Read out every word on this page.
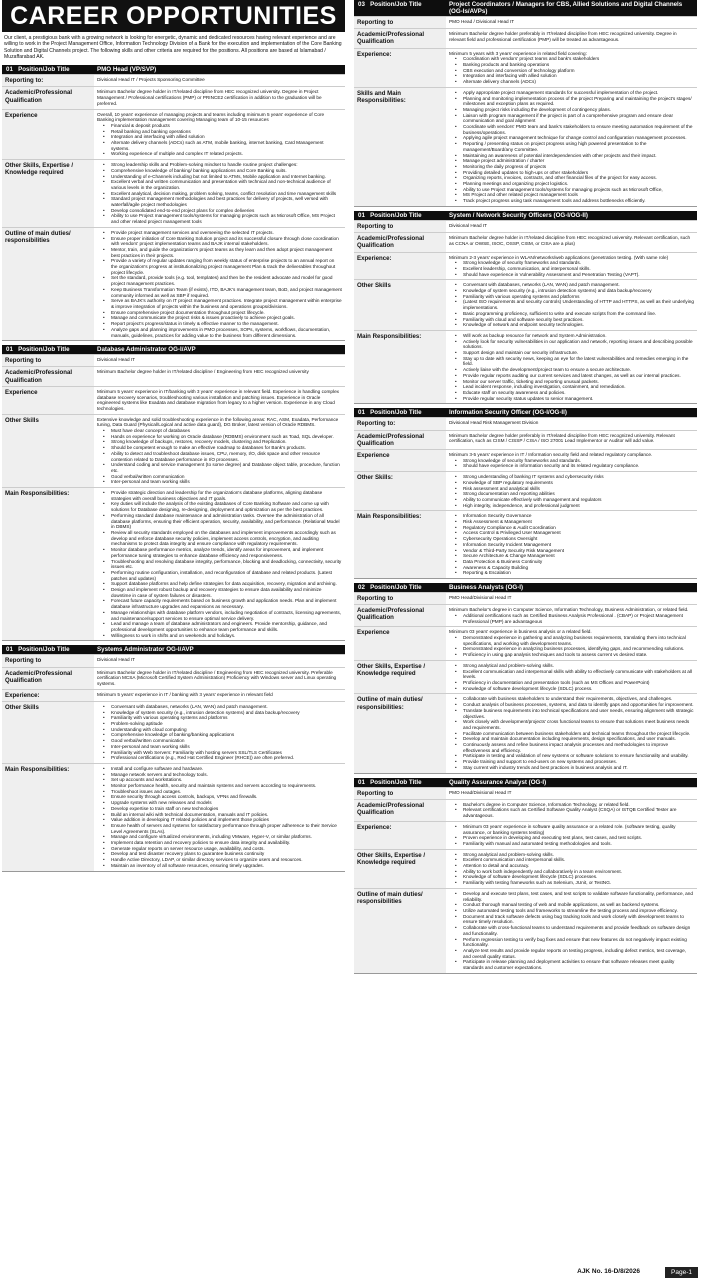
CAREER OPPORTUNITIES
Our client, a prestigious bank with a growing network is looking for energetic, dynamic and dedicated resources having relevant experience and are willing to work in the Project Management Office, Information Technology Division of a Bank for the execution and implementation of the Core Banking Solution and Digital Channels project. The following skills and other criteria are required for the positions. All positions are based at Islamabad / Muzaffarabad AK.
01 Position/Job Title	PMO Head (VP/SVP)
Reporting to:	Divisional Head IT / Projects Sponsoring Committee

Academic/Professional Qualification

Minimum Bachelor degree holder in IT/related discipline from HEC recognized university. Degree in Project Management / Professional certifications (PMP) or PRINCE2 certification in addition to the graduation will be preferred.

Experience	Overall, 10 years' experience of managing projects and teams including minimum 5 years' experience of Core Banking implementation management covering Managing team of 10-15 resources

• Financial & deposit products
• Retail banking and banking operations
• Integration and interfacing with allied solution
• Alternate delivery channels (ADCs) such as ATM, mobile banking, internet banking, Card Management systems.
• Working experience of multiple and complex IT related projects.
Other Skills, Expertise / Knowledge required
• Strong leadership skills and Problem-solving mindset to handle routine project challenges:
• Comprehensive knowledge of banking/ banking applications and Core Banking suits.
• Understanding of e-Channels including but not limited to ATMs, Mobile application and Internet banking.
• Excellent verbal and written communication and presentation with technical and non-technical audience of various levels in the organization.
• Excellent analytical, decision making, problem solving, teams, conflict resolution and time management skills
• Standard project management methodologies and best practices for delivery of projects, well versed with waterfall/agile project methodologies
• Develop consolidated end-to-end project plans for complex deliveries
• Ability to use Project management tools/systems for managing projects such as Microsoft Office, MS Project and other related project management tools
Outline of main duties/ responsibilities
• Provide project management services and overseeing the selected IT projects.
• Ensure proper initiation of Core Banking Solution project and its successful closure through close coordination with vendors' project implementation teams and BAJK internal stakeholders.
• Mentor, train, and guide the organization's project teams as they learn and then adopt project management best practices in their projects.
• Provide a variety of regular updates ranging from weekly status of enterprise projects to an annual report on the organization's progress at institutionalizing project management Plan & track the deliverables throughout project lifecycle.
• Set the standard, provide tools (e.g. tool, templates) and then be the resident advocate and model for good project management practices.
• Keep Business Transformation Team (if exists), ITD, BAJK's management team, BoD, and project management community informed as well as SBP if required.
• Serve as BAJK's authority on IT project management practices. Integrate project management within enterprise & improve integration of projects within the business and operations groups/divisions.
• Ensure comprehensive project documentation throughout project lifecycle.
• Manage and communicate the project risks & issues proactively to achieve project goals.
• Report project's progress/status in timely & effective manner to the management.
• Analyze gaps and planning improvements in PMO processes, SOPs, systems, workflows, documentation, manuals, guidelines, practices for adding value to the business from different dimensions.
01 Position/Job Title	Database Administrator OG-I/AVP
Reporting to	Divisional Head IT

Academic/Professional Qualification

Minimum Bachelor degree holder in IT/related discipline / Engineering from HEC recognized university

Experience	Minimum 5 years' experience in IT/banking with 3 years' experience in relevant field. Experience in handling complex database recovery scenarios, troubleshooting various installation and patching issues. Experience in Oracle engineered systems like Exadata and database migration from legacy to a higher version. Experience in any Cloud technologies.

Other Skills	Extensive knowledge and solid troubleshooting experience in the following areas: RAC, ASM, Exadata, Performance tuning, Data Guard (Physical/Logical and active data guard), DG Broker, latest version of Oracle RDBMS.

• Must have clear concept of databases
• Hands on experience for working on Oracle database (RDBMS) environment such as Toad, SQL developer.
• Strong knowledge of backups, restores, recovery models, clustering and Replication.
• Should be competent enough to make an effective roadmap to databases for Bank's products.
• Ability to detect and troubleshoot database issues, CPU, memory, I/O, disk space and other resource contention related to Database performance in I/O processes.
• Understand coding and service management (to some degree) and Database object table, procedure, function etc.
• Good verbal/written communication
• Inter-personal and team working skills
Main Responsibilities:	• Provide strategic direction and leadership for the organization's database platforms, aligning database strategies with overall business objectives and IT goals.
• Key duties will include the analysis of the existing databases of Core Banking Software and come up with solutions for Database designing, re-designing, deployment and optimization as per the best practices.
• Performing standard database maintenance and administration tasks. Oversee the administration of all database platforms, ensuring their efficient operation, security, availability, and performance. (Relational Model in DBMS)
• Review all security standards employed on the databases and implement improvements accordingly such as develop and enforce database security policies, implement access controls, encryption, and auditing mechanisms to protect data integrity and ensure compliance with regulatory requirements.
• Monitor database performance metrics, analyze trends, identify areas for improvement, and implement performance tuning strategies to enhance database efficiency and responsiveness.
• Troubleshooting and resolving database integrity, performance, blocking and deadlocking, connectivity, security issues etc.
• Performing routine configuration, installation, and reconfiguration of database and related products. (Latest patches and updates)
• Support database platforms and help define strategies for data acquisition, recovery, migration and archiving.
• Design and implement robust backup and recovery strategies to ensure data availability and minimize downtime in case of system failures or disasters.
• Forecast future capacity requirements based on business growth and application needs. Plan and implement database infrastructure upgrades and expansions as necessary.
• Manage relationships with database platform vendors, including negotiation of contracts, licensing agreements, and maintenance/support services to ensure optimal service delivery.
• Lead and manage a team of database administrators and engineers. Provide mentorship, guidance, and professional development opportunities to enhance team performance and skills.
• Willingness to work in shifts and on weekends and holidays.
01 Position/Job Title	Systems Administrator OG-I/AVP
Reporting to	Divisional Head IT

Academic/Professional Qualification

Minimum Bachelor degree holder in IT/related discipline / Engineering from HEC recognized university. Preferable certification MCSA (Microsoft Certified System Administration) Proficiency with Windows server and Linux operating systems.

Experience:	Minimum 5 years' experience in IT / banking with 3 years' experience in relevant field

Other Skills	• Conversant with databases, networks (LAN, WAN) and patch management.
• Knowledge of system security (e.g., intrusion detection systems) and data backup/recovery
• Familiarity with various operating systems and platforms
• Problem-solving aptitude
• Understanding with cloud computing
• Comprehensive knowledge of banking/banking applications
• Good verbal/written communication
• Inter-personal and team working skills
• Familiarity with Web Servers: Familiarity with hosting servers SSL/TLS Certificates
• Professional certifications (e.g., Red Hat Certified Engineer (RHCE)) are often preferred.
Main Responsibilities:	• Install and configure software and hardware.
• Manage network servers and technology tools.
• Set up accounts and workstations.
• Monitor performance health, security and maintain systems and servers according to requirements.
• Troubleshoot issues and outages.
• Ensure security through access controls, backups, VPNs and firewalls.
• Upgrade systems with new releases and models
• Develop expertise to train staff on new technologies
• Build an internal wiki with technical documentation, manuals and IT policies.
• Value addition in developing IT related policies and implement those policies
• Ensure health of servers and systems for satisfactory performance through proper adherence to their Service Level Agreements (SLAs).
• Manage and configure virtualized environments, including VMware, Hyper-V, or similar platforms.
• Implement data retention and recovery policies to ensure data integrity and availability.
• Generate regular reports on server resource usage, availability, and costs.
• Develop and test disaster recovery plans to guarantee business continuity
• Handle Active Directory, LDAP, or similar directory services to organize users and resources.
• Maintain an inventory of all software resources, ensuring timely upgrades.
03 Position/Job Title	Project Coordinators / Managers for CBS, Allied Solutions and Digital Channels (OG-Is/AVPs)
Reporting to	PMO Head / Divisional Head IT

Academic/Professional Qualification

Minimum Bachelor degree holder preferably in IT/related discipline from HEC recognized university. Degree in relevant field and professional certification (PMP) will be treated as advantageous.

Experience:	Minimum 5 years with 3 years' experience in related field covering:

• Coordination with vendors' project teams and bank's stakeholders
• Banking products and banking operations
• CBS execution and conversion of technology platform
• Integration and interfacing with allied solution
• Alternate delivery channels (ADCs)
Skills and Main Responsibilities:
• Apply appropriate project management standards for successful implementation of the project.
• Planning and monitoring implementation process of the project Preparing and maintaining the project's stages/ milestones and exception plans as required.
• Managing project risks including the development of contingency plans.
• Liaison with program management if the project is part of a comprehensive program and ensure clear communication and goal alignment
• Coordinate with vendors' PMO team and bank's stakeholders to ensure meeting automation requirement of the business/operations.
• Applying agile project management technique for change control and configuration management processes.
• Reporting / presenting status on project progress using high powered presentation to the management/Board/any Committee.
• Maintaining an awareness of potential interdependencies with other projects and their impact.
• Manage project administration / charter
• Monitoring the daily progress of projects
• Providing detailed updates to high-ups or other stakeholders
• Organizing reports, invoices, contracts, and other financial files of the project for easy access.
• Planning meetings and organizing project logistics.
• Ability to use Project management tools/systems for managing projects such as Microsoft Office,
• MS Project and other related project management tools
• Track project progress using task management tools and address bottlenecks efficiently.
01 Position/Job Title	System / Network Security Officers (OG-I/OG-II)
Reporting to	Divisional Head IT

Academic/Professional Qualification

Minimum Bachelor degree holder in IT/related discipline from HEC recognized university. Relevant certification, such as CCNA or OWSE, ISOC, OSSP, CISM, or CISA are a plus)

Experience:	Minimum 2-3 years' experience in WLAN/networks/web applications (penetration testing. (With same role)

• Strong knowledge of security frameworks and standards.
• Excellent leadership, communication, and interpersonal skills.
• Should have experience in Vulnerability Assessment and Penetration Testing (VAPT).
Other Skills	• Conversant with databases, networks (LAN, WAN) and patch management.
• Knowledge of system security (e.g., intrusion detection systems) and data backup/recovery
• Familiarity with various operating systems and platforms
• (Latest ISO requirements and security controls) Understanding of HTTP and HTTPS, as well as their underlying implementations.
• Basic programming proficiency, sufficient to write and execute scripts from the command line.
• Familiarity with cloud and software security best practices.
• Knowledge of network and endpoint security technologies.
Main Responsibilities:	• Will work as backup resource for network and System Administration.
• Actively look for security vulnerabilities in our application and network, reporting issues and describing possible solutions.
• Support design and maintain our security infrastructure.
• Stay up to date with security news, keeping an eye for the latest vulnerabilities and remedies emerging in the field.
• Actively liaise with the development/project team to ensure a secure architecture.
• Provide regular reports auditing our current services and latest changes, as well as our internal practices.
• Monitor our server traffic, ticketing and reporting unusual packets.
• Lead incident response, including investigation, containment, and remediation.
• Educate staff on security awareness and policies.
• Provide regular security status updates to senior management.
01 Position/Job Title	Information Security Officer (OG-I/OG-II)
Reporting to:	Divisional Head Risk Management Division

Academic/Professional Qualification

Minimum Bachelor degree holder preferably in IT/related discipline from HEC recognized university. Relevant certification, such as CISM / CISSP / CISA / ISO 27001 Lead Implementor or Auditor will add value.

Experience	Minimum 3-5 years' experience in IT / Information security field and related regulatory compliance.

• Strong knowledge of security frameworks and standards.
• Should have experience in information security and its related regulatory compliance.
Other Skills:	• Strong understanding of banking IT systems and cybersecurity risks
• Knowledge of SBP regulatory requirements
• Risk assessment and analytical skills
• Strong documentation and reporting abilities
• Ability to communicate effectively with management and regulators
• High integrity, independence, and professional judgment
Main Responsibilities:	• Information Security Governance
• Risk Assessment & Management
• Regulatory Compliance & Audit Coordination
• Access Control & Privileged User Management
• Cybersecurity Operations Oversight
• Information Security Incident Management
• Vendor & Third-Party Security Risk Management
• Secure Architecture & Change Management
• Data Protection & Business Continuity
• Awareness & Capacity Building
• Reporting & Escalation
02 Position/Job Title	Business Analysts (OG-I)
Reporting to	PMO Head/Divisional Head IT

Academic/Professional Qualification

Minimum Bachelor's degree in Computer Science, Information Technology, Business Administration, or related field.

• Additional certifications such as Certified Business Analysis Professional . (CBAP) or Project Management Professional (PMP) are advantageous
Experience	Minimum 03 years' experience in business analysis or a related field.

• Demonstrated experience in gathering and analyzing business requirements, translating them into technical specifications, and working with development teams.
• Demonstrated experience in analyzing business processes, identifying gaps, and recommending solutions.
• Proficiency in using gap analysis techniques and tools to assess current vs desired state.
Other Skills, Expertise / Knowledge required
• Strong analytical and problem-solving skills.
• Excellent communication and interpersonal skills with ability to effectively communicate with stakeholders at all levels.
• Proficiency in documentation and presentation tools (such as MS Offices and PowerPoint)
• Knowledge of software development lifecycle (SDLC) process.
Outline of main duties/ responsibilities:
• Collaborate with business stakeholders to understand their requirements, objectives, and challenges.
• Conduct analysis of business processes, systems, and data to identify gaps and opportunities for improvement.
• Translate business requirements into technical specifications and user needs, ensuring alignment with strategic objectives.
• Work closely with development/projects' cross functional teams to ensure that solutions meet business needs and requirements.
• Facilitate communication between business stakeholders and technical teams throughout the project lifecycle.
• Develop and maintain documentation including requirements, design specifications, and user manuals.
• Continuously assess and refine business impact analysis processes and methodologies to improve effectiveness and efficiency.
• Participate in testing and validation of new systems or software solutions to ensure functionality and usability.
• Provide training and support to end-users on new systems and processes.
• Stay current with industry trends and best practices in business analysis and IT.
01 Position/Job Title	Quality Assurance Analyst (OG-I)
Reporting to	PMO Head/Divisional Head IT

Academic/Professional Qualification
• Bachelor's degree in Computer Science, Information Technology, or related field.
• Relevant certifications such as Certified Software Quality Analyst (CSQA) or ISTQB Certified Tester are advantageous.
Experience:	• Minimum 03 years' experience in software quality assurance or a related role. (software testing, quality assurance, or banking systems testing)
• Proven experience in developing and executing test plans, test cases, and test scripts.
• Familiarity with manual and automated testing methodologies and tools.
Other Skills, Expertise / Knowledge required
• Strong analytical and problem-solving skills.
• Excellent communication and interpersonal skills.
• Attention to detail and accuracy.
• Ability to work both independently and collaboratively in a team environment.
• Knowledge of software development lifecycle (SDLC) processes.
• Familiarity with testing frameworks such as Selenium, JUnit, or TestNG.
Outline of main duties/ responsibilities
• Develop and execute test plans, test cases, and test scripts to validate software functionality, performance, and reliability.
• Conduct thorough manual testing of web and mobile applications, as well as backend systems.
• Utilize automated testing tools and frameworks to streamline the testing process and improve efficiency.
• Document and track software defects using bug tracking tools and work closely with development teams to ensure timely resolution.
• Collaborate with cross-functional teams to understand requirements and provide feedback on software design and functionality.
• Perform regression testing to verify bug fixes and ensure that new features do not negatively impact existing functionality.
• Analyze test results and provide regular reports on testing progress, including defect metrics, test coverage, and overall quality status.
• Participate in release planning and deployment activities to ensure that software releases meet quality standards and customer expectations.
AJK No. 16-D/8/2026	Page-1
